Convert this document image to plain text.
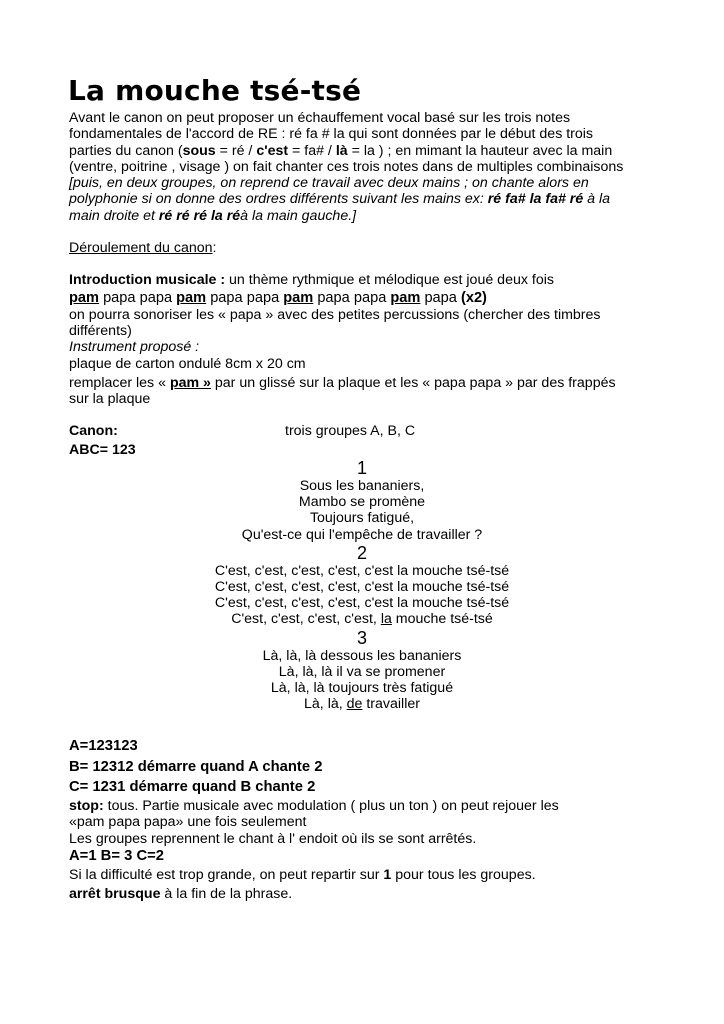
La mouche tsé-tsé

Avant le canon on peut proposer un échauffement vocal basé sur les trois notes

fondamentales de l'accord de RE : ré fa # la qui sont données par le début des trois

parties du canon (sous = ré / c'est = fa# / là = la ) ; en mimant la hauteur avec la main

(ventre, poitrine , visage ) on fait chanter ces trois notes dans de multiples combinaisons

[puis, en deux groupes, on reprend ce travail avec deux mains ; on chante alors en

polyphonie si on donne des ordres différents suivant les mains ex: ré fa# la fa# ré à la

main droite et ré ré ré la réà la main gauche.]

Déroulement du canon:

Introduction musicale : un thème rythmique et mélodique est joué deux fois

pam papa papa pam papa papa pam papa papa pam papa (x2)

on pourra sonoriser les « papa » avec des petites percussions (chercher des timbres

différents)

Instrument proposé :

plaque de carton ondulé 8cm x 20 cm

remplacer les « pam » par un glissé sur la plaque et les « papa papa » par des frappés

sur la plaque

Canon:	trois groupes A, B, C

ABC= 123

1

Sous les bananiers,

Mambo se promène

Toujours fatigué,

Qu'est-ce qui l'empêche de travailler ?

2

C'est, c'est, c'est, c'est, c'est la mouche tsé-tsé

C'est, c'est, c'est, c'est, c'est la mouche tsé-tsé

C'est, c'est, c'est, c'est, c'est la mouche tsé-tsé

C'est, c'est, c'est, c'est, la mouche tsé-tsé

3

Là, là, là dessous les bananiers

Là, là, là il va se promener

Là, là, là toujours très fatigué

Là, là, de travailler

A=123123

B= 12312 démarre quand A chante 2

C= 1231 démarre quand B chante 2

stop: tous. Partie musicale avec modulation ( plus un ton ) on peut rejouer les

«pam papa papa» une fois seulement

Les groupes reprennent le chant à l' endoit où ils se sont arrêtés.

A=1 B= 3 C=2

Si la difficulté est trop grande, on peut repartir sur 1 pour tous les groupes.

arrêt brusque à la fin de la phrase.
